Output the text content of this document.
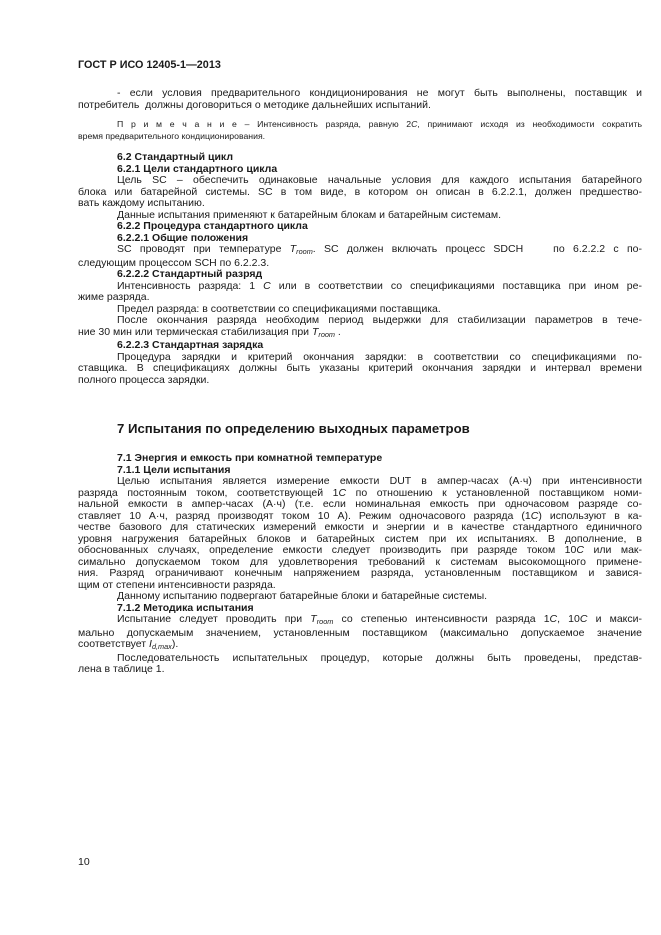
ГОСТ Р ИСО 12405-1—2013
- если условия предварительного кондиционирования не могут быть выполнены, поставщик и
потребитель  должны договориться о методике дальнейших испытаний.
П р и м е ч а н и е – Интенсивность разряда, равную 2С, принимают исходя из необходимости сократить
время предварительного кондиционирования.
6.2 Стандартный цикл
6.2.1 Цели стандартного цикла
Цель SC – обеспечить одинаковые начальные условия для каждого испытания батарейного
блока или батарейной системы. SC в том виде, в котором он описан в 6.2.2.1, должен предшество-
вать каждому испытанию.
Данные испытания применяют к батарейным блокам и батарейным системам.
6.2.2 Процедура стандартного цикла
6.2.2.1 Общие положения
SC проводят при температуре Troom. SC должен включать процесс SDCH	по 6.2.2.2 с по-
следующим процессом SCH по 6.2.2.3.
6.2.2.2 Стандартный разряд
Интенсивность разряда: 1 С или в соответствии со спецификациями поставщика при ином ре-
жиме разряда.
Предел разряда: в соответствии со спецификациями поставщика.
После окончания разряда необходим период выдержки для стабилизации параметров в тече-
ние 30 мин или термическая стабилизация при Troom .
6.2.2.3 Стандартная зарядка
Процедура зарядки и критерий окончания зарядки: в соответствии со спецификациями по-
ставщика. В спецификациях должны быть указаны критерий окончания зарядки и интервал времени
полного процесса зарядки.
7 Испытания по определению выходных параметров
7.1 Энергия и емкость при комнатной температуре
7.1.1 Цели испытания
Целью испытания является измерение емкости DUT в ампер-часах (А·ч) при интенсивности
разряда постоянным током, соответствующей 1С по отношению к установленной поставщиком номи-
нальной емкости в ампер-часах (А·ч) (т.е. если номинальная емкость при одночасовом разряде со-
ставляет 10 А·ч, разряд производят током 10 А). Режим одночасового разряда (1С) используют в ка-
честве базового для статических измерений емкости и энергии и в качестве стандартного единичного
уровня нагружения батарейных блоков и батарейных систем при их испытаниях. В дополнение, в
обоснованных случаях, определение емкости следует производить при разряде током 10С или мак-
симально допускаемом током для удовлетворения требований к системам высокомощного примене-
ния. Разряд ограничивают конечным напряжением разряда, установленным поставщиком и завися-
щим от степени интенсивности разряда.
Данному испытанию подвергают батарейные блоки и батарейные системы.
7.1.2 Методика испытания
Испытание следует проводить при Troom со степенью интенсивности разряда 1С, 10С и макси-
мально допускаемым значением, установленным поставщиком (максимально допускаемое значение
соответствует Id,max).
Последовательность испытательных процедур, которые должны быть проведены, представ-
лена в таблице 1.
10
